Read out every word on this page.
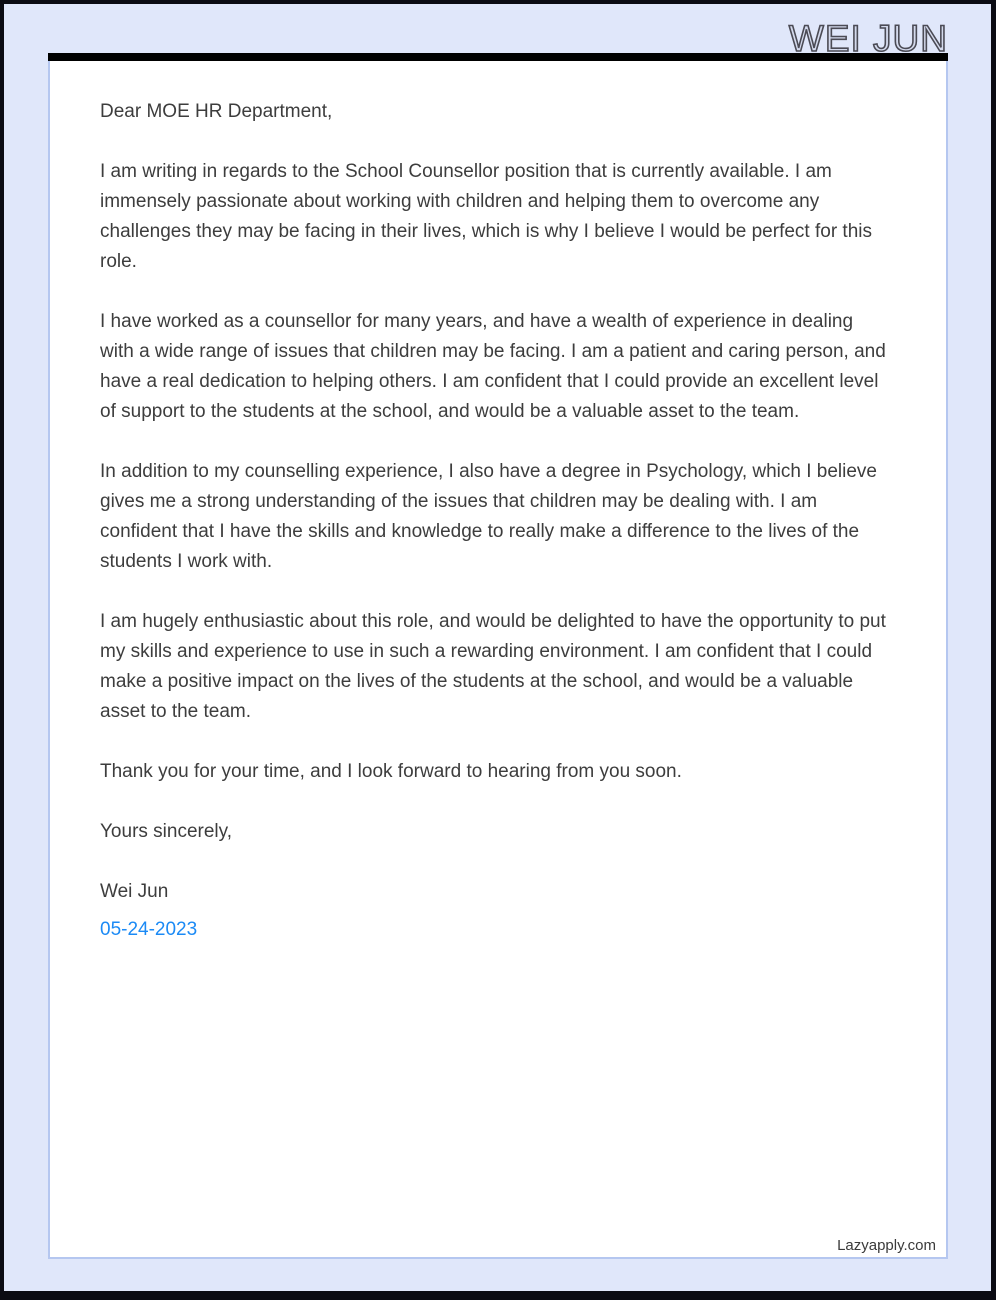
WEI JUN

Dear MOE HR Department,

I am writing in regards to the School Counsellor position that is currently available. I am immensely passionate about working with children and helping them to overcome any challenges they may be facing in their lives, which is why I believe I would be perfect for this role.

I have worked as a counsellor for many years, and have a wealth of experience in dealing with a wide range of issues that children may be facing. I am a patient and caring person, and have a real dedication to helping others. I am confident that I could provide an excellent level of support to the students at the school, and would be a valuable asset to the team.

In addition to my counselling experience, I also have a degree in Psychology, which I believe gives me a strong understanding of the issues that children may be dealing with. I am confident that I have the skills and knowledge to really make a difference to the lives of the students I work with.

I am hugely enthusiastic about this role, and would be delighted to have the opportunity to put my skills and experience to use in such a rewarding environment. I am confident that I could make a positive impact on the lives of the students at the school, and would be a valuable asset to the team.

Thank you for your time, and I look forward to hearing from you soon.

Yours sincerely,

Wei Jun

05-24-2023

Lazyapply.com
